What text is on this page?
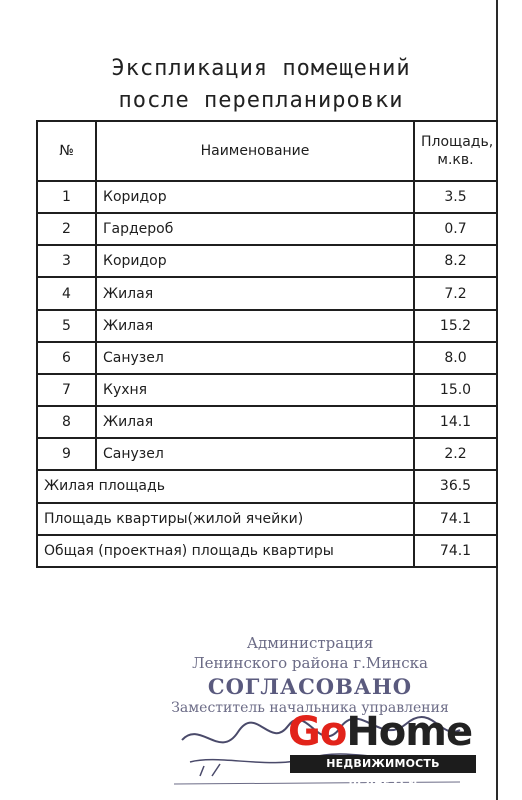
Экспликация помещений
после перепланировки
№	Наименование	Площадь, м.кв.
1	Коридор	3.5
2	Гардероб	0.7
3	Коридор	8.2
4	Жилая	7.2
5	Жилая	15.2
6	Санузел	8.0
7	Кухня	15.0
8	Жилая	14.1
9	Санузел	2.2
Жилая площадь		36.5
Площадь квартиры(жилой ячейки)		74.1
Общая (проектная) площадь квартиры		74.1
Администрация
Ленинского района г.Минска
СОГЛАСОВАНО
Заместитель начальника управления
GoHome
НЕДВИЖИМОСТЬ БЕЛАРУСИ
